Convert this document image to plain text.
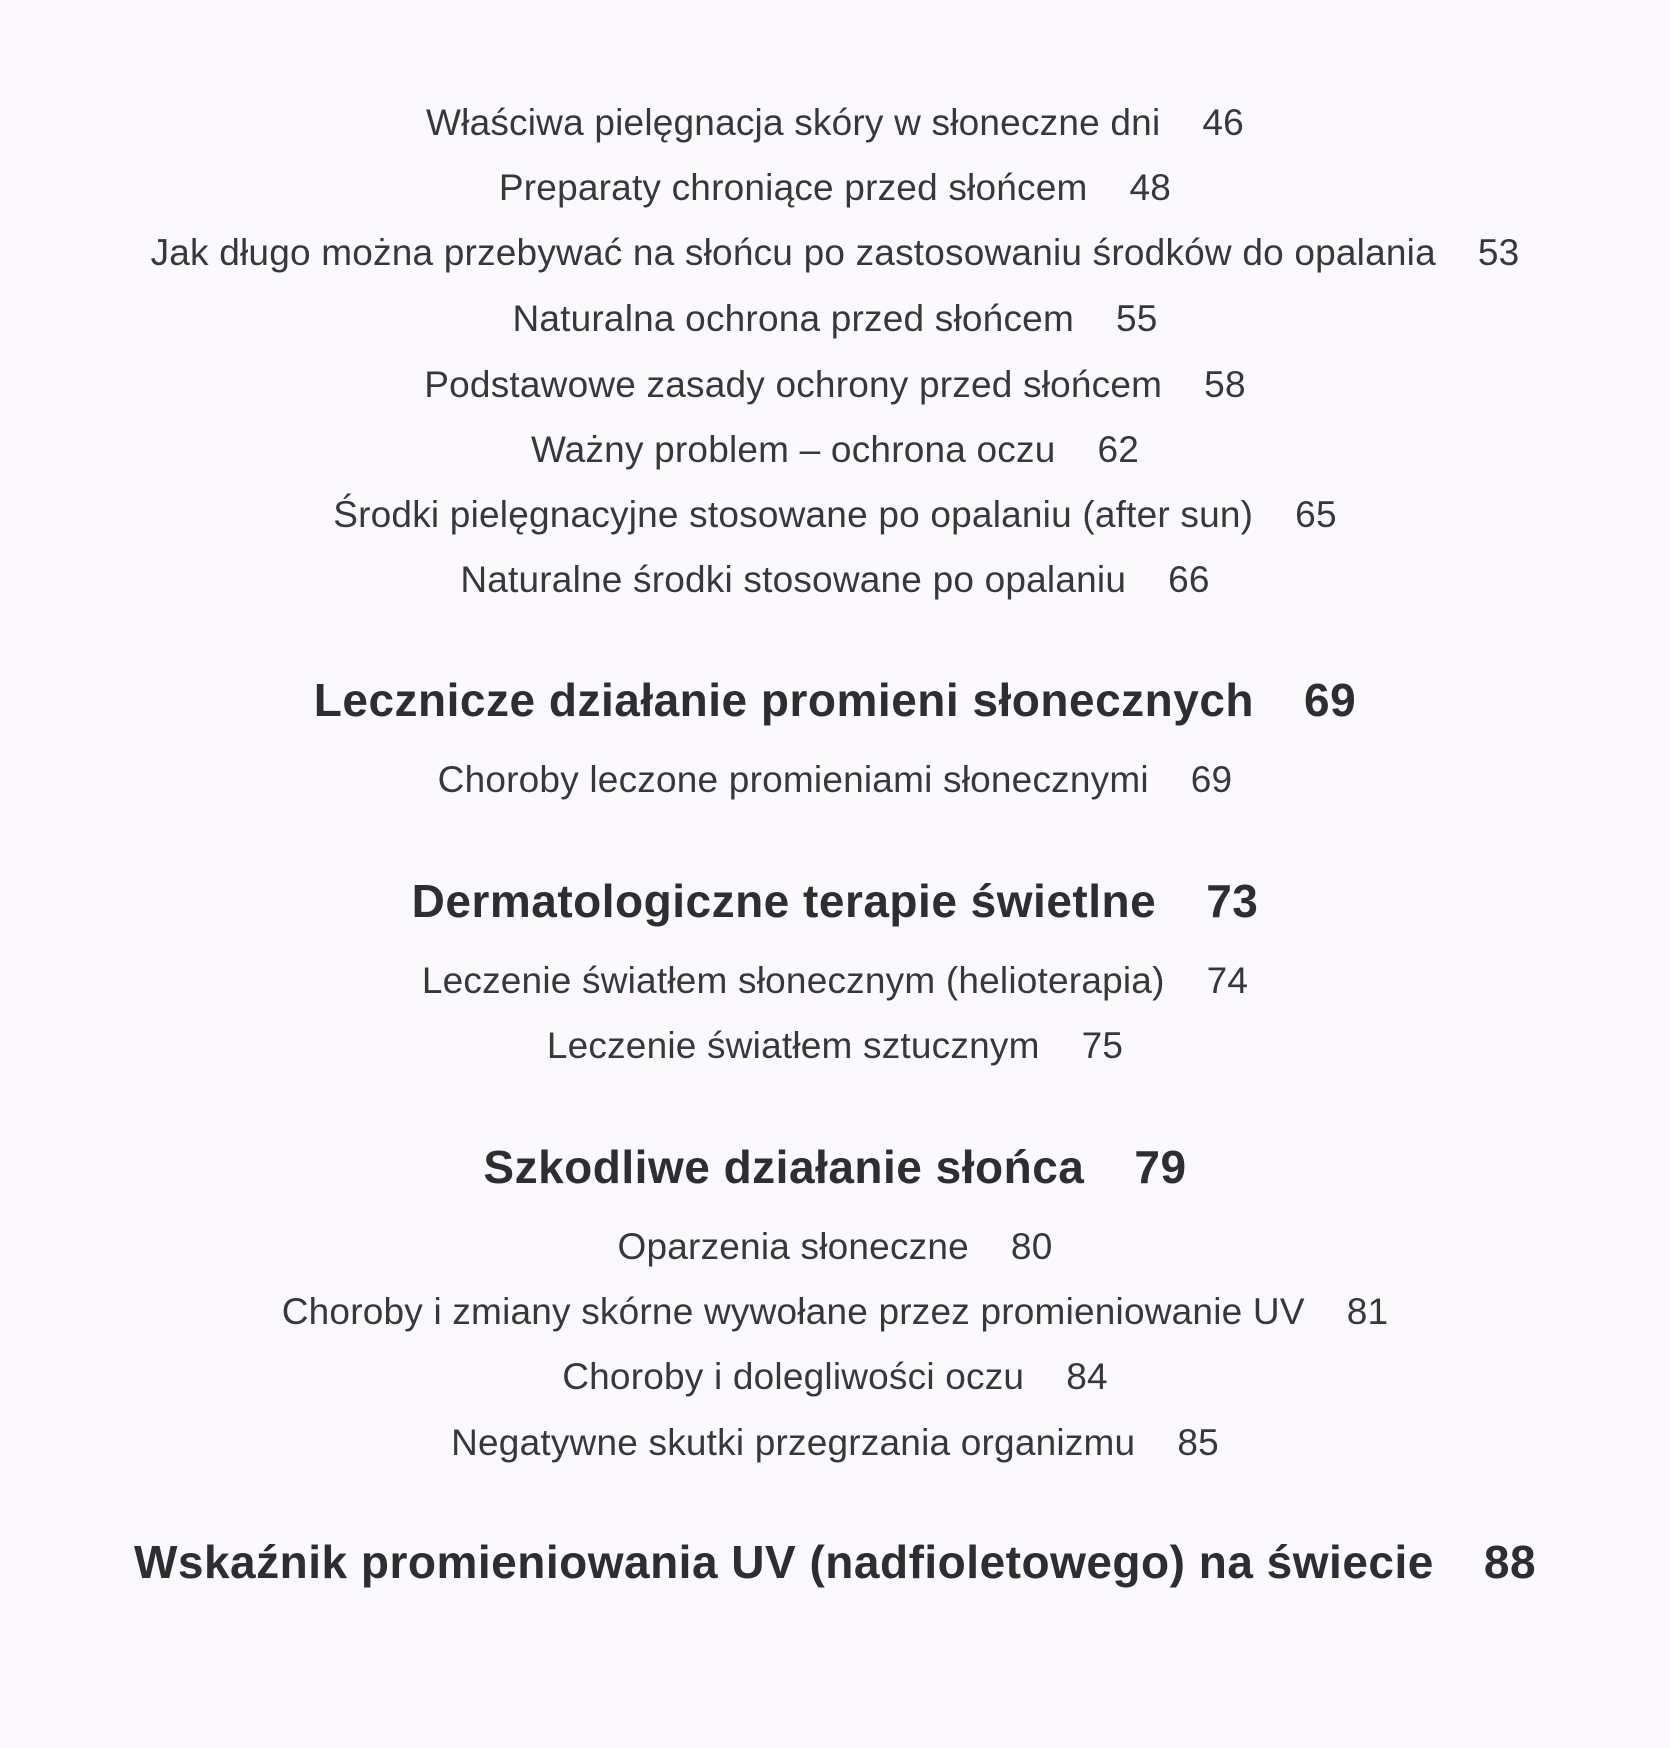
Właściwa pielęgnacja skóry w słoneczne dni 46
Preparaty chroniące przed słońcem 48
Jak długo można przebywać na słońcu po zastosowaniu środków do opalania 53
Naturalna ochrona przed słońcem 55
Podstawowe zasady ochrony przed słońcem 58
Ważny problem – ochrona oczu 62
Środki pielęgnacyjne stosowane po opalaniu (after sun) 65
Naturalne środki stosowane po opalaniu 66
Lecznicze działanie promieni słonecznych 69
Choroby leczone promieniami słonecznymi 69
Dermatologiczne terapie świetlne 73
Leczenie światłem słonecznym (helioterapia) 74
Leczenie światłem sztucznym 75
Szkodliwe działanie słońca 79
Oparzenia słoneczne 80
Choroby i zmiany skórne wywołane przez promieniowanie UV 81
Choroby i dolegliwości oczu 84
Negatywne skutki przegrzania organizmu 85
Wskaźnik promieniowania UV (nadfioletowego) na świecie 88
